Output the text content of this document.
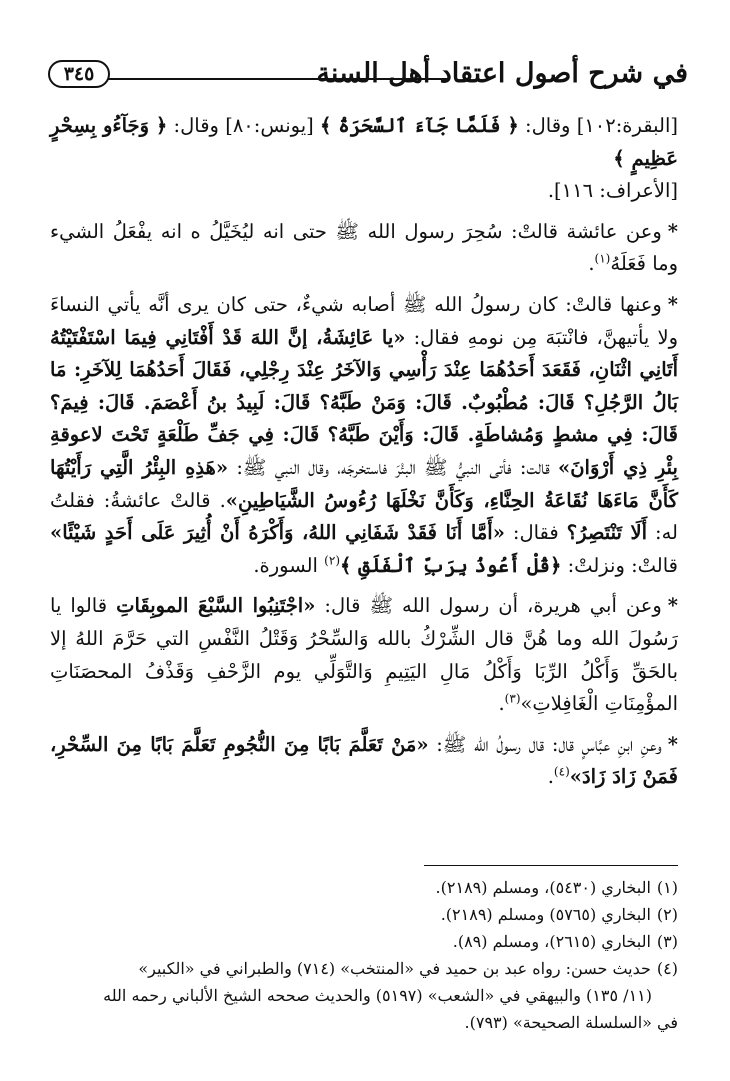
٣٤٥	في شرح أصول اعتقاد أهل السنة

[البقرة:١٠٢] وقال: ﴿ فَلَمَّا جَآءَ ٱلسَّحَرَةُ ﴾ [يونس:٨٠] وقال: ﴿ وَجَآءُو بِسِحْرٍ عَظِيمٍ ﴾
[الأعراف: ١١٦].

*وعن عائشة قالتْ: سُحِرَ رسول الله ﷺ حتى انه ليُخَيَّلُ ه انه يفْعَلُ الشيء وما فَعَلَهُ$^{(١)}$.

*وعنها قالتْ: كان رسولُ الله ﷺ أصابه شيءٌ، حتى كان يرى أنَّه يأتي النساءَ ولا يأتيهنَّ، فانْتبَهَ مِن نومهِ فقال: «يا عَائِشَةُ، إنَّ اللهَ قَدْ أَفْتَانِي فِيمَا اسْتَفْتَيْتُهُ أَتَانِي اثْنَانِ، فَقَعَدَ أَحَدُهُمَا عِنْدَ رَأْسِي وَالآخَرُ عِنْدَ رِجْلِي، فَقَالَ أَحَدُهُمَا لِلآخَرِ: مَا بَالُ الرَّجُلِ؟ قَالَ: مُطْبُوبٌ. قَالَ: وَمَنْ طَبَّهُ؟ قَالَ: لَبِيدُ بنُ أَعْصَمَ. قَالَ: فِيمَ؟ قَالَ: فِي مشطٍ وَمُشاطَةٍ. قَالَ: وَأَيْنَ طَبَّهُ؟ قَالَ: فِي جَفِّ طَلْعَةٍ تَحْتَ لاعوقةِ بِئْرِ ذِي أَرْوَانَ» قالت: فأتى النبيُّ ﷺ البئْرَ فاستخرجَه، وقال النبي ﷺ: «هَذِهِ البِئْرُ الَّتِي رَأَيْتُهَا كَأَنَّ مَاءَهَا نُقَاعَةُ الحِنَّاءِ، وَكَأَنَّ نَخْلَهَا رُءُوسُ الشَّيَاطِينِ». قالتْ عائشةُ: فقلتُ له: أَلَا تَنْتَصِرُ؟ فقال: «أَمَّا أَنَا فَقَدْ شَفَانِي اللهُ، وَأَكْرَهُ أَنْ أُثِيرَ عَلَى أَحَدٍ شَيْئًا» قالتْ: ونزلتْ: ﴿قُلْ أَعُوذُ بِرَبِّ ٱلْفَلَقِ ﴾$^{(٢)}$ السورة.

*وعن أبي هريرة، أن رسول الله ﷺ قال: «اجْتَنِبُوا السَّبْعَ الموبِقَاتِ قالوا يا رَسُولَ الله وما هُنَّ قال الشِّرْكُ بالله وَالسِّحْرُ وَقَتْلُ النَّفْسِ التي حَرَّمَ اللهُ إلا بالحَقِّ وَأَكْلُ الرِّبَا وَأَكْلُ مَالِ اليَتِيمِ وَالتَّوَلِّي يوم الزَّحْفِ وَقَذْفُ المحصَنَاتِ المؤْمِنَاتِ الْغَافِلاتِ»$^{(٣)}$.

*وعنِ ابنِ عبَّاسٍ قال: قال رسولُ الله ﷺ: «مَنْ تَعَلَّمَ بَابًا مِنَ النُّجُومِ تَعَلَّمَ بَابًا مِنَ السِّحْرِ، فَمَنْ زَادَ زَادَ»$^{(٤)}$.

(١)البخاري (٥٤٣٠)، ومسلم (٢١٨٩).

(٢)البخاري (٥٧٦٥) ومسلم (٢١٨٩).

(٣)البخاري (٢٦١٥)، ومسلم (٨٩).

(٤)حديث حسن: رواه عبد بن حميد في «المنتخب» (٧١٤) والطبراني في «الكبير»

(١١/ ١٣٥) والبيهقي في «الشعب» (٥١٩٧) والحديث صححه الشيخ الألباني رحمه الله

في «السلسلة الصحيحة» (٧٩٣).
